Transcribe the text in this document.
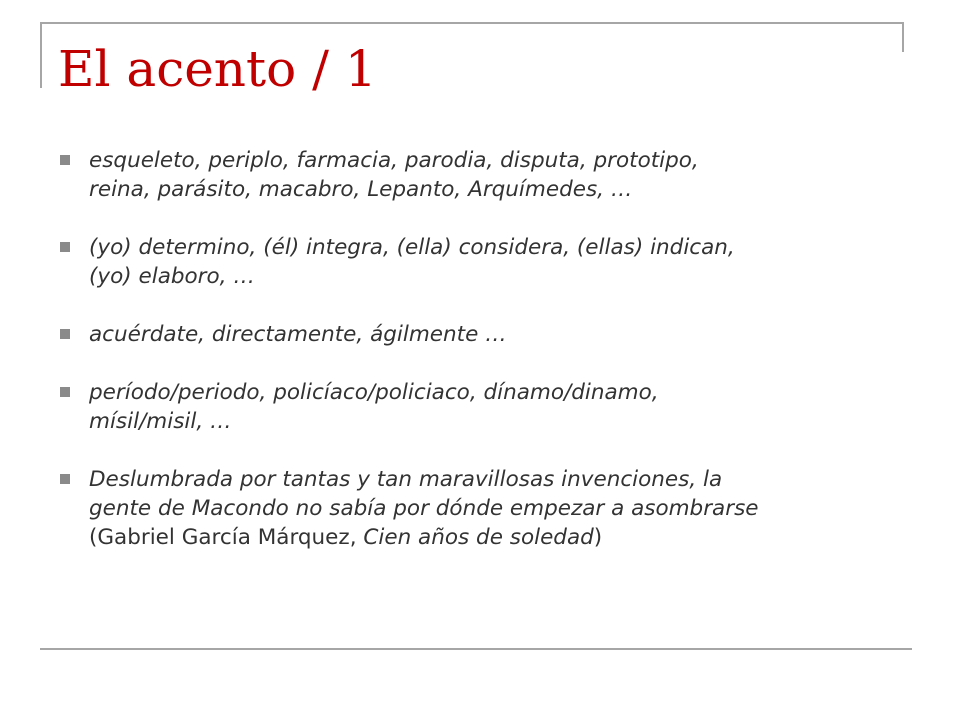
El acento / 1
esqueleto, periplo, farmacia, parodia, disputa, prototipo,
reina, parásito, macabro, Lepanto, Arquímedes, …
(yo) determino, (él) integra, (ella) considera, (ellas) indican,
(yo) elaboro, …
acuérdate, directamente, ágilmente …
período/periodo, policíaco/policiaco, dínamo/dinamo,
mísil/misil, …
Deslumbrada por tantas y tan maravillosas invenciones, la
gente de Macondo no sabía por dónde empezar a asombrarse
(Gabriel García Márquez, Cien años de soledad)
